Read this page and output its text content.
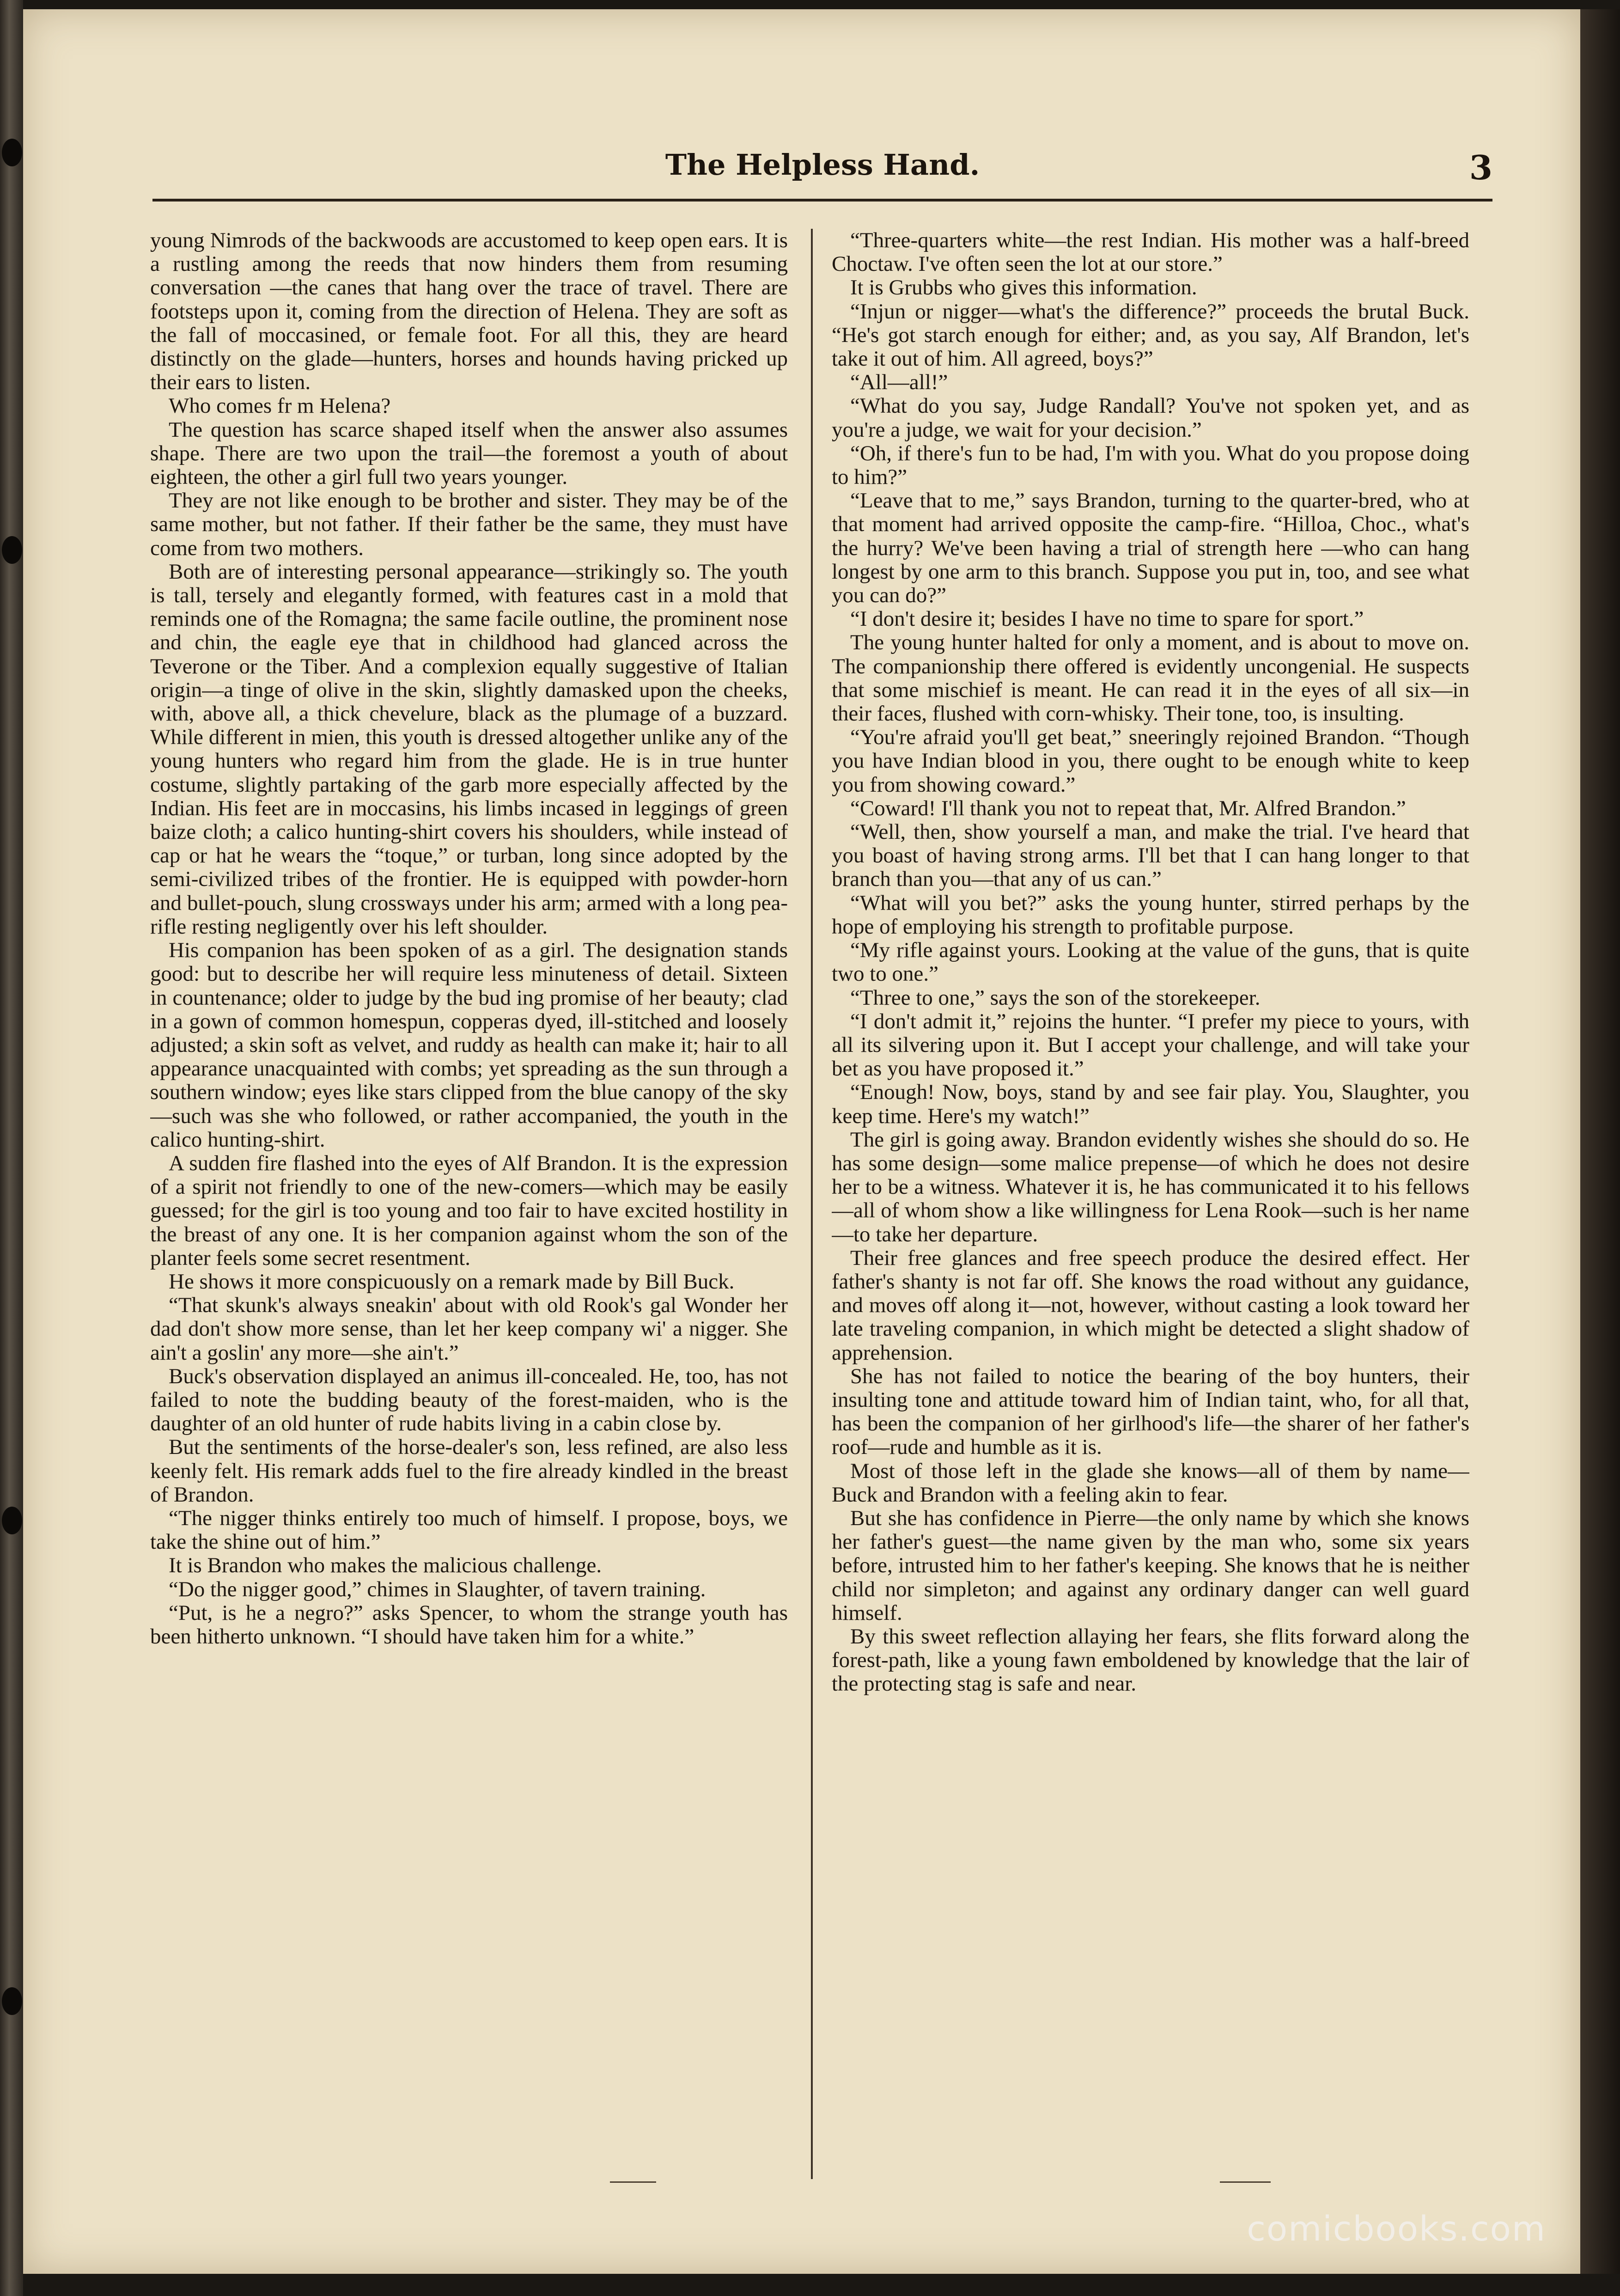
The Helpless Hand.	3

young Nimrods of the backwoods are accustomed to keep open ears. It is a rustling among the reeds that now hinders them from resuming conversation —the canes that hang over the trace of travel. There are footsteps upon it, coming from the direction of Helena. They are soft as the fall of moccasined, or female foot. For all this, they are heard distinctly on the glade—hunters, horses and hounds having pricked up their ears to listen.

Who comes fr m Helena?

The question has scarce shaped itself when the answer also assumes shape. There are two upon the trail—the foremost a youth of about eighteen, the other a girl full two years younger.

They are not like enough to be brother and sister. They may be of the same mother, but not father. If their father be the same, they must have come from two mothers.

Both are of interesting personal appearance—strikingly so. The youth is tall, tersely and elegantly formed, with features cast in a mold that reminds one of the Romagna; the same facile outline, the prominent nose and chin, the eagle eye that in childhood had glanced across the Teverone or the Tiber. And a complexion equally suggestive of Italian origin—a tinge of olive in the skin, slightly damasked upon the cheeks, with, above all, a thick chevelure, black as the plumage of a buzzard. While different in mien, this youth is dressed altogether unlike any of the young hunters who regard him from the glade. He is in true hunter costume, slightly partaking of the garb more especially affected by the Indian. His feet are in moccasins, his limbs incased in leggings of green baize cloth; a calico hunting-shirt covers his shoulders, while instead of cap or hat he wears the “toque,” or turban, long since adopted by the semi-civilized tribes of the frontier. He is equipped with powder-horn and bullet-pouch, slung crossways under his arm; armed with a long pea-rifle resting negligently over his left shoulder.

His companion has been spoken of as a girl. The designation stands good: but to describe her will require less minuteness of detail. Sixteen in countenance; older to judge by the bud ing promise of her beauty; clad in a gown of common homespun, copperas dyed, ill-stitched and loosely adjusted; a skin soft as velvet, and ruddy as health can make it; hair to all appearance unacquainted with combs; yet spreading as the sun through a southern window; eyes like stars clipped from the blue canopy of the sky—such was she who followed, or rather accompanied, the youth in the calico hunting-shirt.

A sudden fire flashed into the eyes of Alf Brandon. It is the expression of a spirit not friendly to one of the new-comers—which may be easily guessed; for the girl is too young and too fair to have excited hostility in the breast of any one. It is her companion against whom the son of the planter feels some secret resentment.

He shows it more conspicuously on a remark made by Bill Buck.

“That skunk's always sneakin' about with old Rook's gal Wonder her dad don't show more sense, than let her keep company wi' a nigger. She ain't a goslin' any more—she ain't.”

Buck's observation displayed an animus ill-concealed. He, too, has not failed to note the budding beauty of the forest-maiden, who is the daughter of an old hunter of rude habits living in a cabin close by.

But the sentiments of the horse-dealer's son, less refined, are also less keenly felt. His remark adds fuel to the fire already kindled in the breast of Brandon.

“The nigger thinks entirely too much of himself. I propose, boys, we take the shine out of him.”

It is Brandon who makes the malicious challenge.

“Do the nigger good,” chimes in Slaughter, of tavern training.

“Put, is he a negro?” asks Spencer, to whom the strange youth has been hitherto unknown. “I should have taken him for a white.”

“Three-quarters white—the rest Indian. His mother was a half-breed Choctaw. I've often seen the lot at our store.”

It is Grubbs who gives this information.

“Injun or nigger—what's the difference?” proceeds the brutal Buck. “He's got starch enough for either; and, as you say, Alf Brandon, let's take it out of him. All agreed, boys?”

“All—all!”

“What do you say, Judge Randall? You've not spoken yet, and as you're a judge, we wait for your decision.”

“Oh, if there's fun to be had, I'm with you. What do you propose doing to him?”

“Leave that to me,” says Brandon, turning to the quarter-bred, who at that moment had arrived opposite the camp-fire. “Hilloa, Choc., what's the hurry? We've been having a trial of strength here —who can hang longest by one arm to this branch. Suppose you put in, too, and see what you can do?”

“I don't desire it; besides I have no time to spare for sport.”

The young hunter halted for only a moment, and is about to move on. The companionship there offered is evidently uncongenial. He suspects that some mischief is meant. He can read it in the eyes of all six—in their faces, flushed with corn-whisky. Their tone, too, is insulting.

“You're afraid you'll get beat,” sneeringly rejoined Brandon. “Though you have Indian blood in you, there ought to be enough white to keep you from showing coward.”

“Coward! I'll thank you not to repeat that, Mr. Alfred Brandon.”

“Well, then, show yourself a man, and make the trial. I've heard that you boast of having strong arms. I'll bet that I can hang longer to that branch than you—that any of us can.”

“What will you bet?” asks the young hunter, stirred perhaps by the hope of employing his strength to profitable purpose.

“My rifle against yours. Looking at the value of the guns, that is quite two to one.”

“Three to one,” says the son of the storekeeper.

“I don't admit it,” rejoins the hunter. “I prefer my piece to yours, with all its silvering upon it. But I accept your challenge, and will take your bet as you have proposed it.”

“Enough! Now, boys, stand by and see fair play. You, Slaughter, you keep time. Here's my watch!”

The girl is going away. Brandon evidently wishes she should do so. He has some design—some malice prepense—of which he does not desire her to be a witness. Whatever it is, he has communicated it to his fellows—all of whom show a like willingness for Lena Rook—such is her name—to take her departure.

Their free glances and free speech produce the desired effect. Her father's shanty is not far off. She knows the road without any guidance, and moves off along it—not, however, without casting a look toward her late traveling companion, in which might be detected a slight shadow of apprehension.

She has not failed to notice the bearing of the boy hunters, their insulting tone and attitude toward him of Indian taint, who, for all that, has been the companion of her girlhood's life—the sharer of her father's roof—rude and humble as it is.

Most of those left in the glade she knows—all of them by name—Buck and Brandon with a feeling akin to fear.

But she has confidence in Pierre—the only name by which she knows her father's guest—the name given by the man who, some six years before, intrusted him to her father's keeping. She knows that he is neither child nor simpleton; and against any ordinary danger can well guard himself.

By this sweet reflection allaying her fears, she flits forward along the forest-path, like a young fawn emboldened by knowledge that the lair of the protecting stag is safe and near.

comicbooks.com
